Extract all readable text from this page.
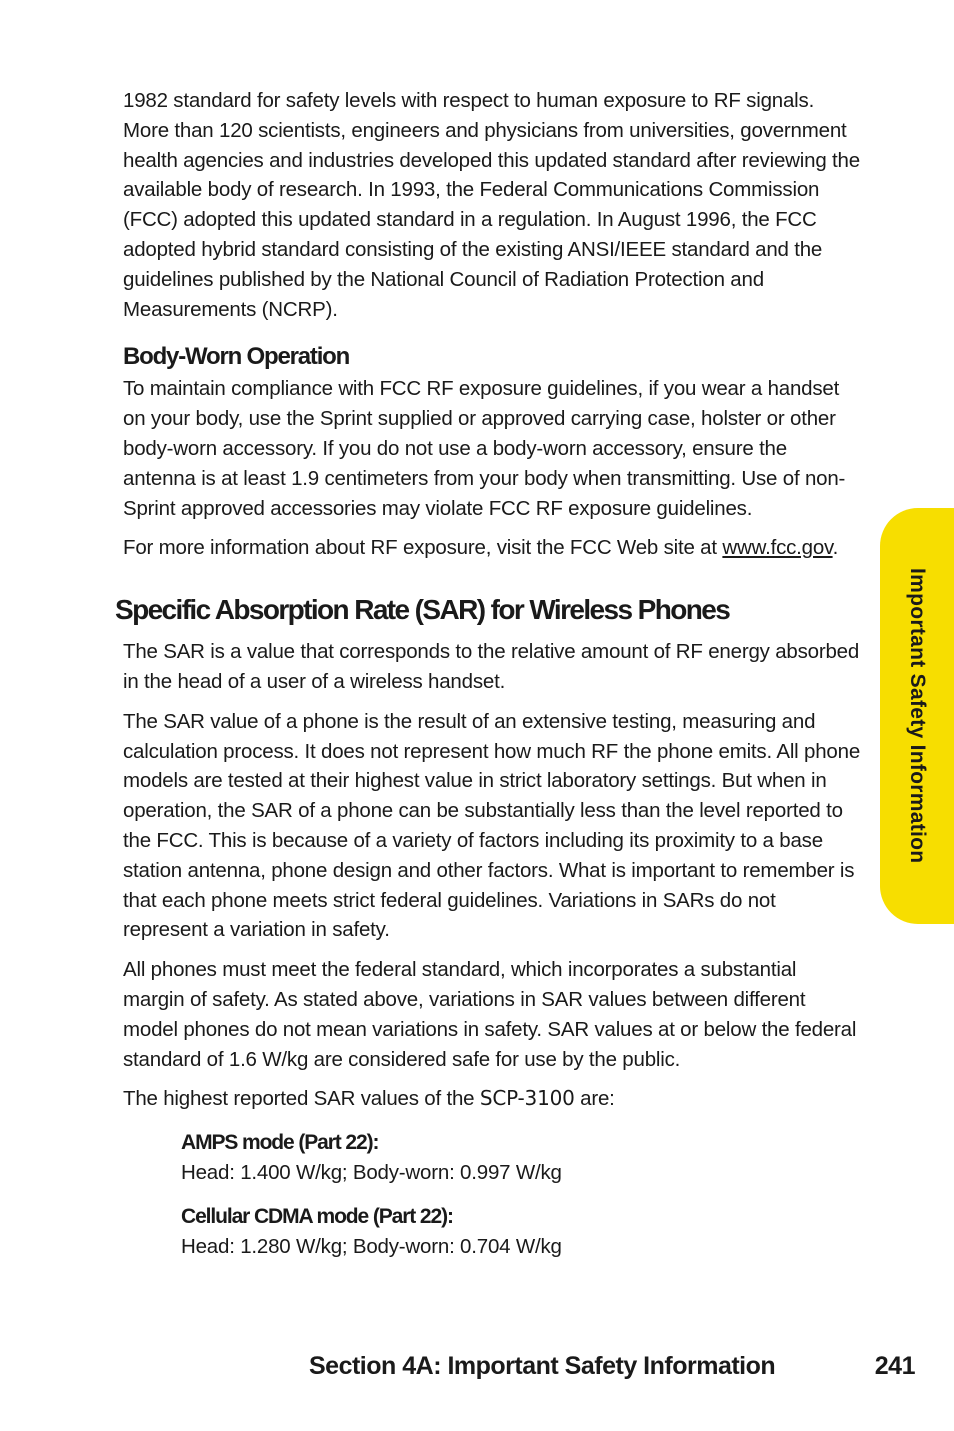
1982 standard for safety levels with respect to human exposure to RF signals. More than 120 scientists, engineers and physicians from universities, government health agencies and industries developed this updated standard after reviewing the available body of research. In 1993, the Federal Communications Commission (FCC) adopted this updated standard in a regulation. In August 1996, the FCC adopted hybrid standard consisting of the existing ANSI/IEEE standard and the guidelines published by the National Council of Radiation Protection and Measurements (NCRP).

Body-Worn Operation

To maintain compliance with FCC RF exposure guidelines, if you wear a handset on your body, use the Sprint supplied or approved carrying case, holster or other body-worn accessory. If you do not use a body-worn accessory, ensure the antenna is at least 1.9 centimeters from your body when transmitting. Use of non-Sprint approved accessories may violate FCC RF exposure guidelines.

For more information about RF exposure, visit the FCC Web site at www.fcc.gov.

Specific Absorption Rate (SAR) for Wireless Phones

The SAR is a value that corresponds to the relative amount of RF energy absorbed in the head of a user of a wireless handset.

The SAR value of a phone is the result of an extensive testing, measuring and calculation process. It does not represent how much RF the phone emits. All phone models are tested at their highest value in strict laboratory settings. But when in operation, the SAR of a phone can be substantially less than the level reported to the FCC. This is because of a variety of factors including its proximity to a base station antenna, phone design and other factors. What is important to remember is that each phone meets strict federal guidelines. Variations in SARs do not represent a variation in safety.

All phones must meet the federal standard, which incorporates a substantial margin of safety. As stated above, variations in SAR values between different model phones do not mean variations in safety. SAR values at or below the federal standard of 1.6 W/kg are considered safe for use by the public.

The highest reported SAR values of the SCP-3100 are:

AMPS mode (Part 22):

Head: 1.400 W/kg; Body-worn: 0.997 W/kg

Cellular CDMA mode (Part 22):

Head: 1.280 W/kg; Body-worn: 0.704 W/kg

Important Safety Information
Section 4A: Important Safety Information	241
